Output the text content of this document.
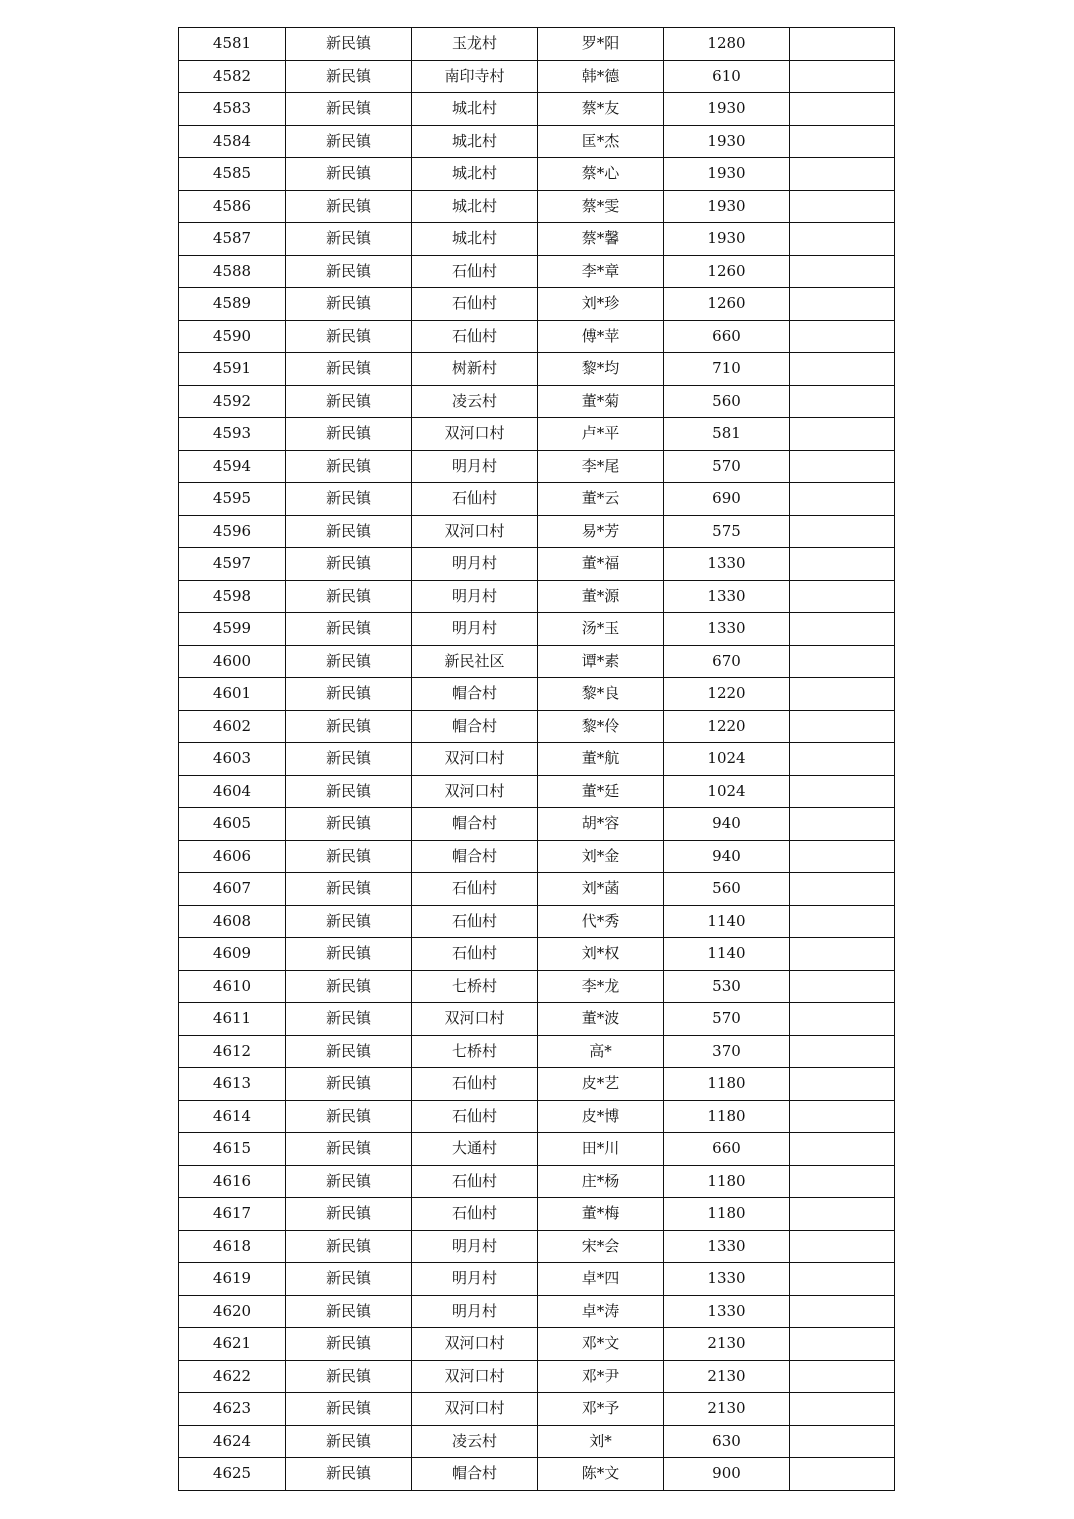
4581	新民镇	玉龙村	罗*阳	1280	
4582	新民镇	南印寺村	韩*德	610	
4583	新民镇	城北村	蔡*友	1930	
4584	新民镇	城北村	匡*杰	1930	
4585	新民镇	城北村	蔡*心	1930	
4586	新民镇	城北村	蔡*雯	1930	
4587	新民镇	城北村	蔡*馨	1930	
4588	新民镇	石仙村	李*章	1260	
4589	新民镇	石仙村	刘*珍	1260	
4590	新民镇	石仙村	傅*苹	660	
4591	新民镇	树新村	黎*均	710	
4592	新民镇	凌云村	董*菊	560	
4593	新民镇	双河口村	卢*平	581	
4594	新民镇	明月村	李*尾	570	
4595	新民镇	石仙村	董*云	690	
4596	新民镇	双河口村	易*芳	575	
4597	新民镇	明月村	董*福	1330	
4598	新民镇	明月村	董*源	1330	
4599	新民镇	明月村	汤*玉	1330	
4600	新民镇	新民社区	谭*素	670	
4601	新民镇	帽合村	黎*良	1220	
4602	新民镇	帽合村	黎*伶	1220	
4603	新民镇	双河口村	董*航	1024	
4604	新民镇	双河口村	董*廷	1024	
4605	新民镇	帽合村	胡*容	940	
4606	新民镇	帽合村	刘*金	940	
4607	新民镇	石仙村	刘*菡	560	
4608	新民镇	石仙村	代*秀	1140	
4609	新民镇	石仙村	刘*权	1140	
4610	新民镇	七桥村	李*龙	530	
4611	新民镇	双河口村	董*波	570	
4612	新民镇	七桥村	高*	370	
4613	新民镇	石仙村	皮*艺	1180	
4614	新民镇	石仙村	皮*博	1180	
4615	新民镇	大通村	田*川	660	
4616	新民镇	石仙村	庄*杨	1180	
4617	新民镇	石仙村	董*梅	1180	
4618	新民镇	明月村	宋*会	1330	
4619	新民镇	明月村	卓*四	1330	
4620	新民镇	明月村	卓*涛	1330	
4621	新民镇	双河口村	邓*文	2130	
4622	新民镇	双河口村	邓*尹	2130	
4623	新民镇	双河口村	邓*予	2130	
4624	新民镇	凌云村	刘*	630	
4625	新民镇	帽合村	陈*文	900	
